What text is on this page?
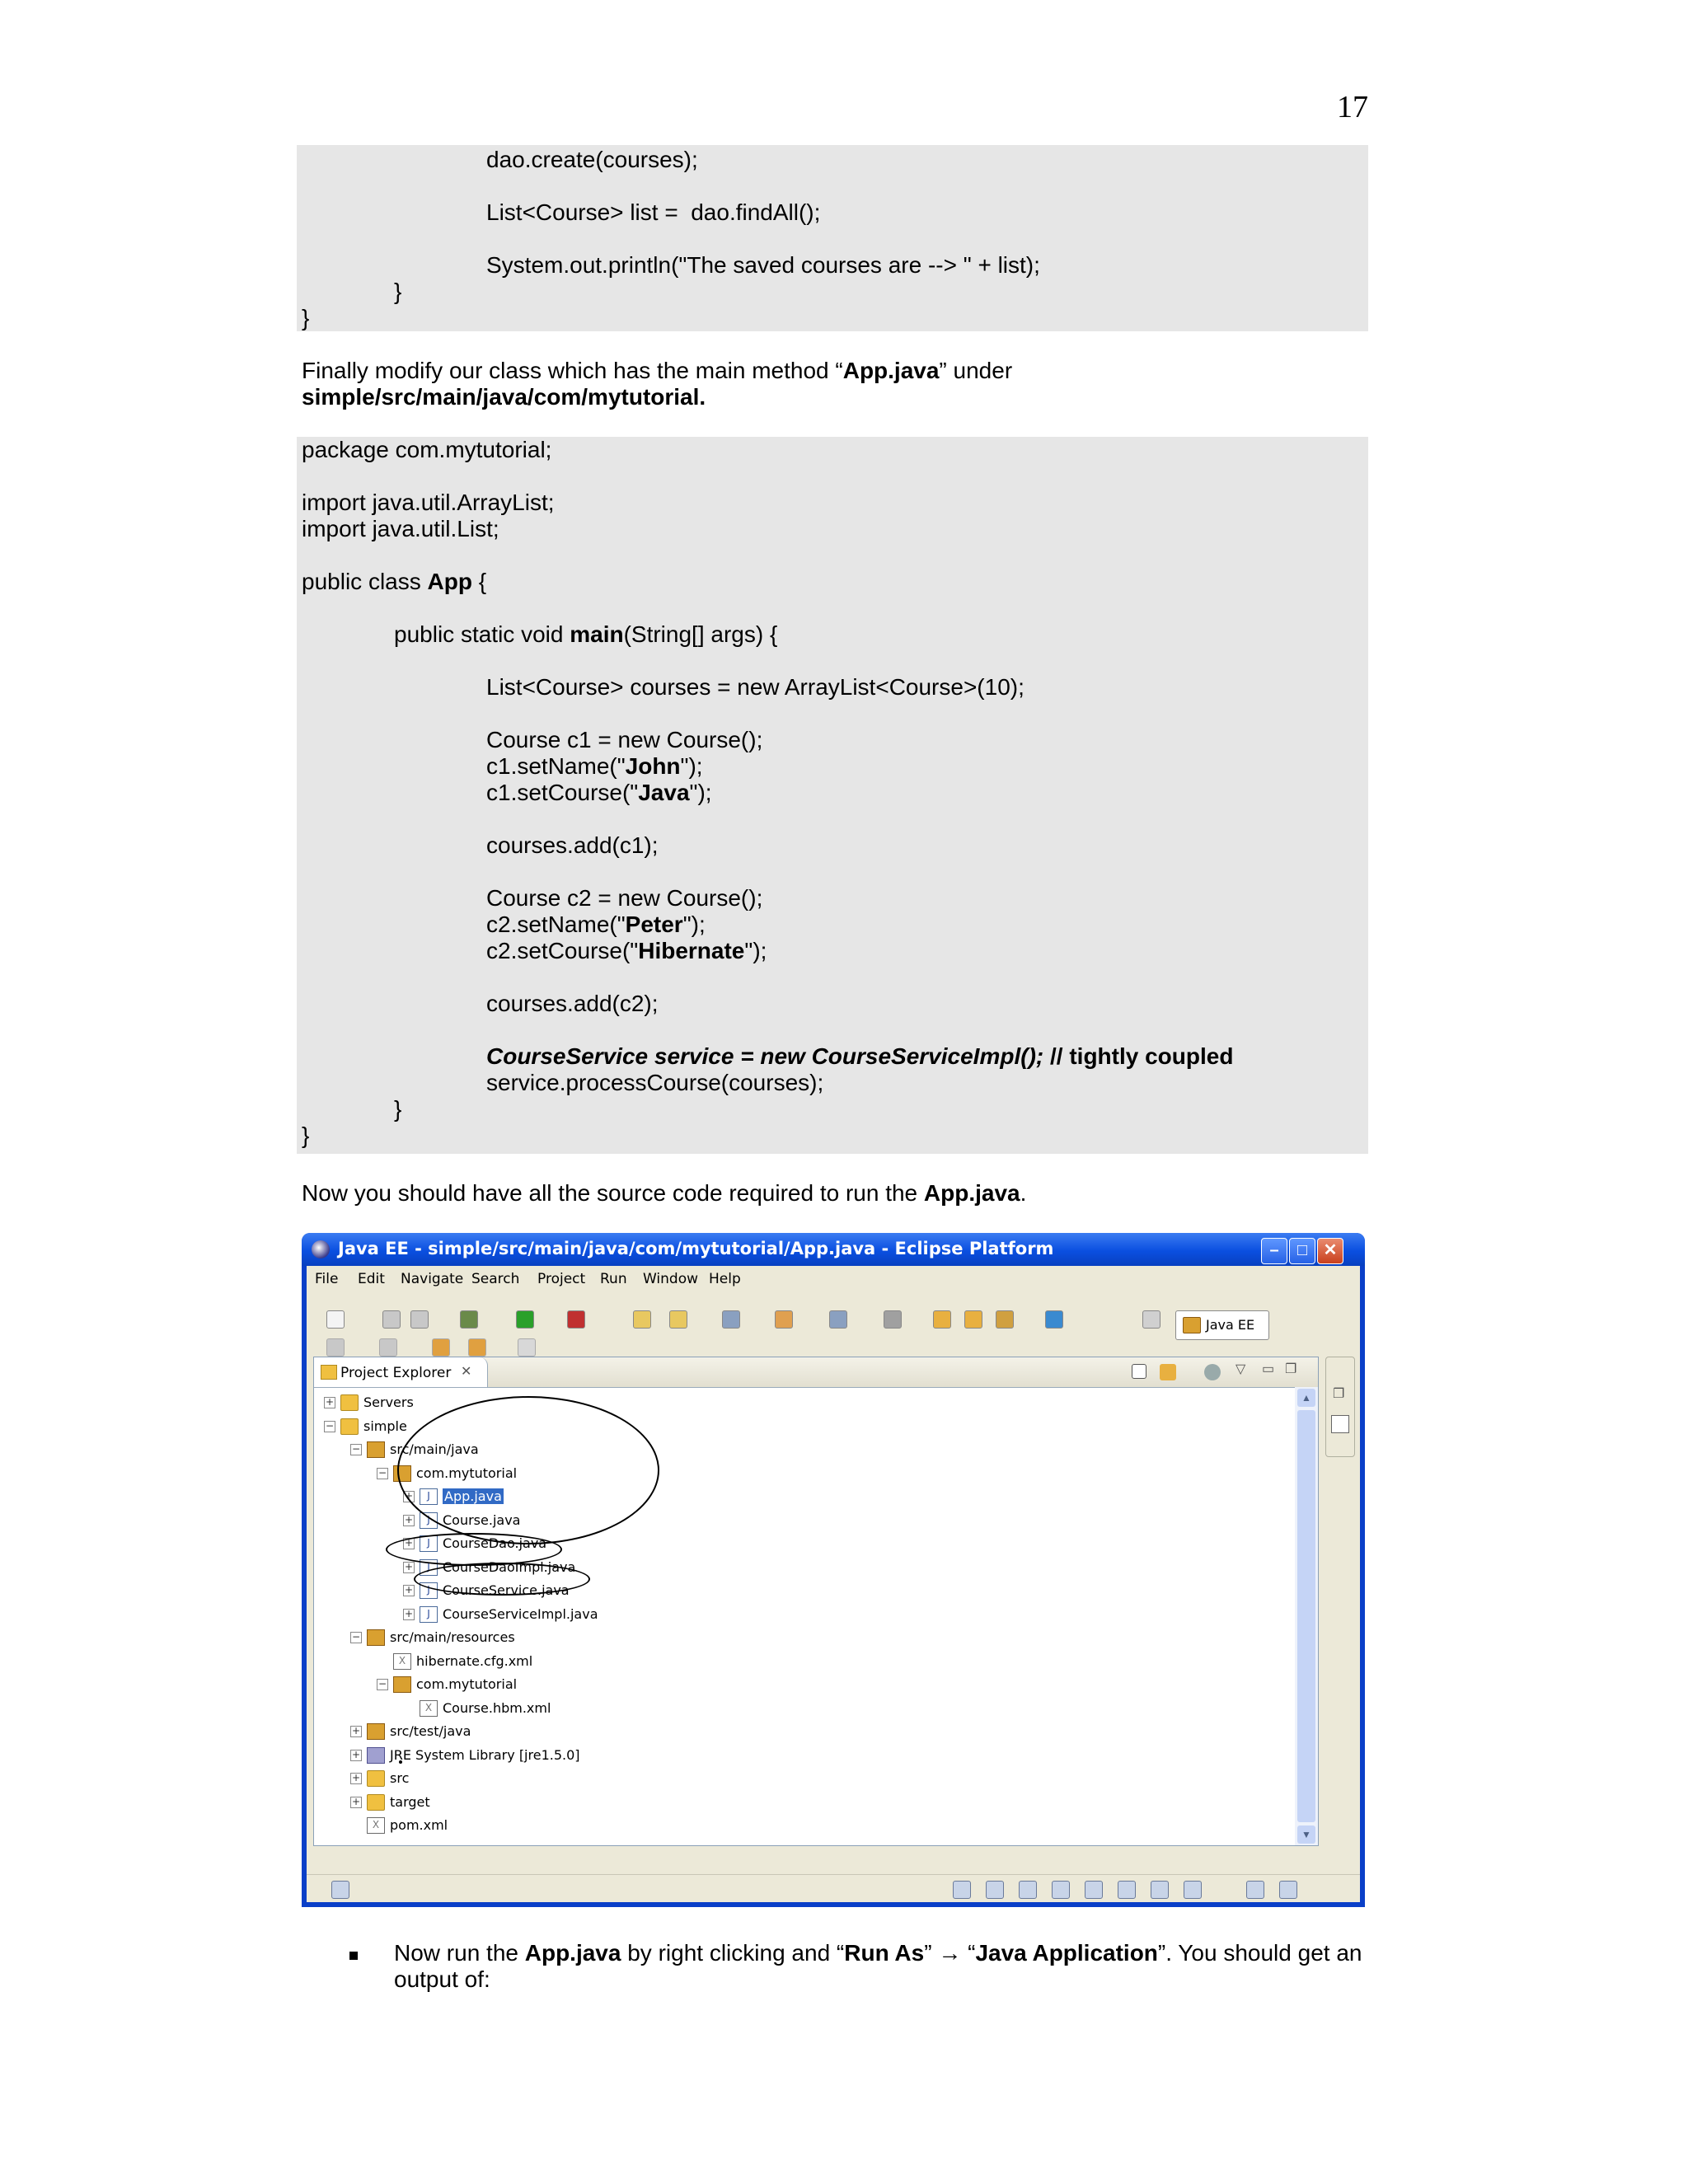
17
dao.create(courses);
List<Course> list =  dao.findAll();
System.out.println("The saved courses are --> " + list);
}
}
Finally modify our class which has the main method “App.java” under
simple/src/main/java/com/mytutorial.
package com.mytutorial;
import java.util.ArrayList;
import java.util.List;
public class App {
public static void main(String[] args) {
List<Course> courses = new ArrayList<Course>(10);
Course c1 = new Course();
c1.setName("John");
c1.setCourse("Java");
courses.add(c1);
Course c2 = new Course();
c2.setName("Peter");
c2.setCourse("Hibernate");
courses.add(c2);
CourseService service = new CourseServiceImpl(); // tightly coupled
service.processCourse(courses);
}
}
Now you should have all the source code required to run the App.java.
Java EE - simple/src/main/java/com/mytutorial/App.java - Eclipse Platform	–	□ ✕
File Edit Navigate Search Project Run Window Help
Java EE
Project Explorer ✕	▽ ▭ ❐
+ Servers
− simple
− src/main/java
− com.mytutorial
+	J	App.java
+	J Course.java
+	J CourseDao.java
+	J CourseDaoImpl.java
+	J CourseService.java
+	J CourseServiceImpl.java
− src/main/resources
X hibernate.cfg.xml
− com.mytutorial
X Course.hbm.xml
+ src/test/java
+ JRE System Library [jre1.5.0]
+ src
+ target
X pom.xml
▲
▼
❐
Now run the App.java by right clicking and “Run As” → “Java Application”. You should get an
output of:
